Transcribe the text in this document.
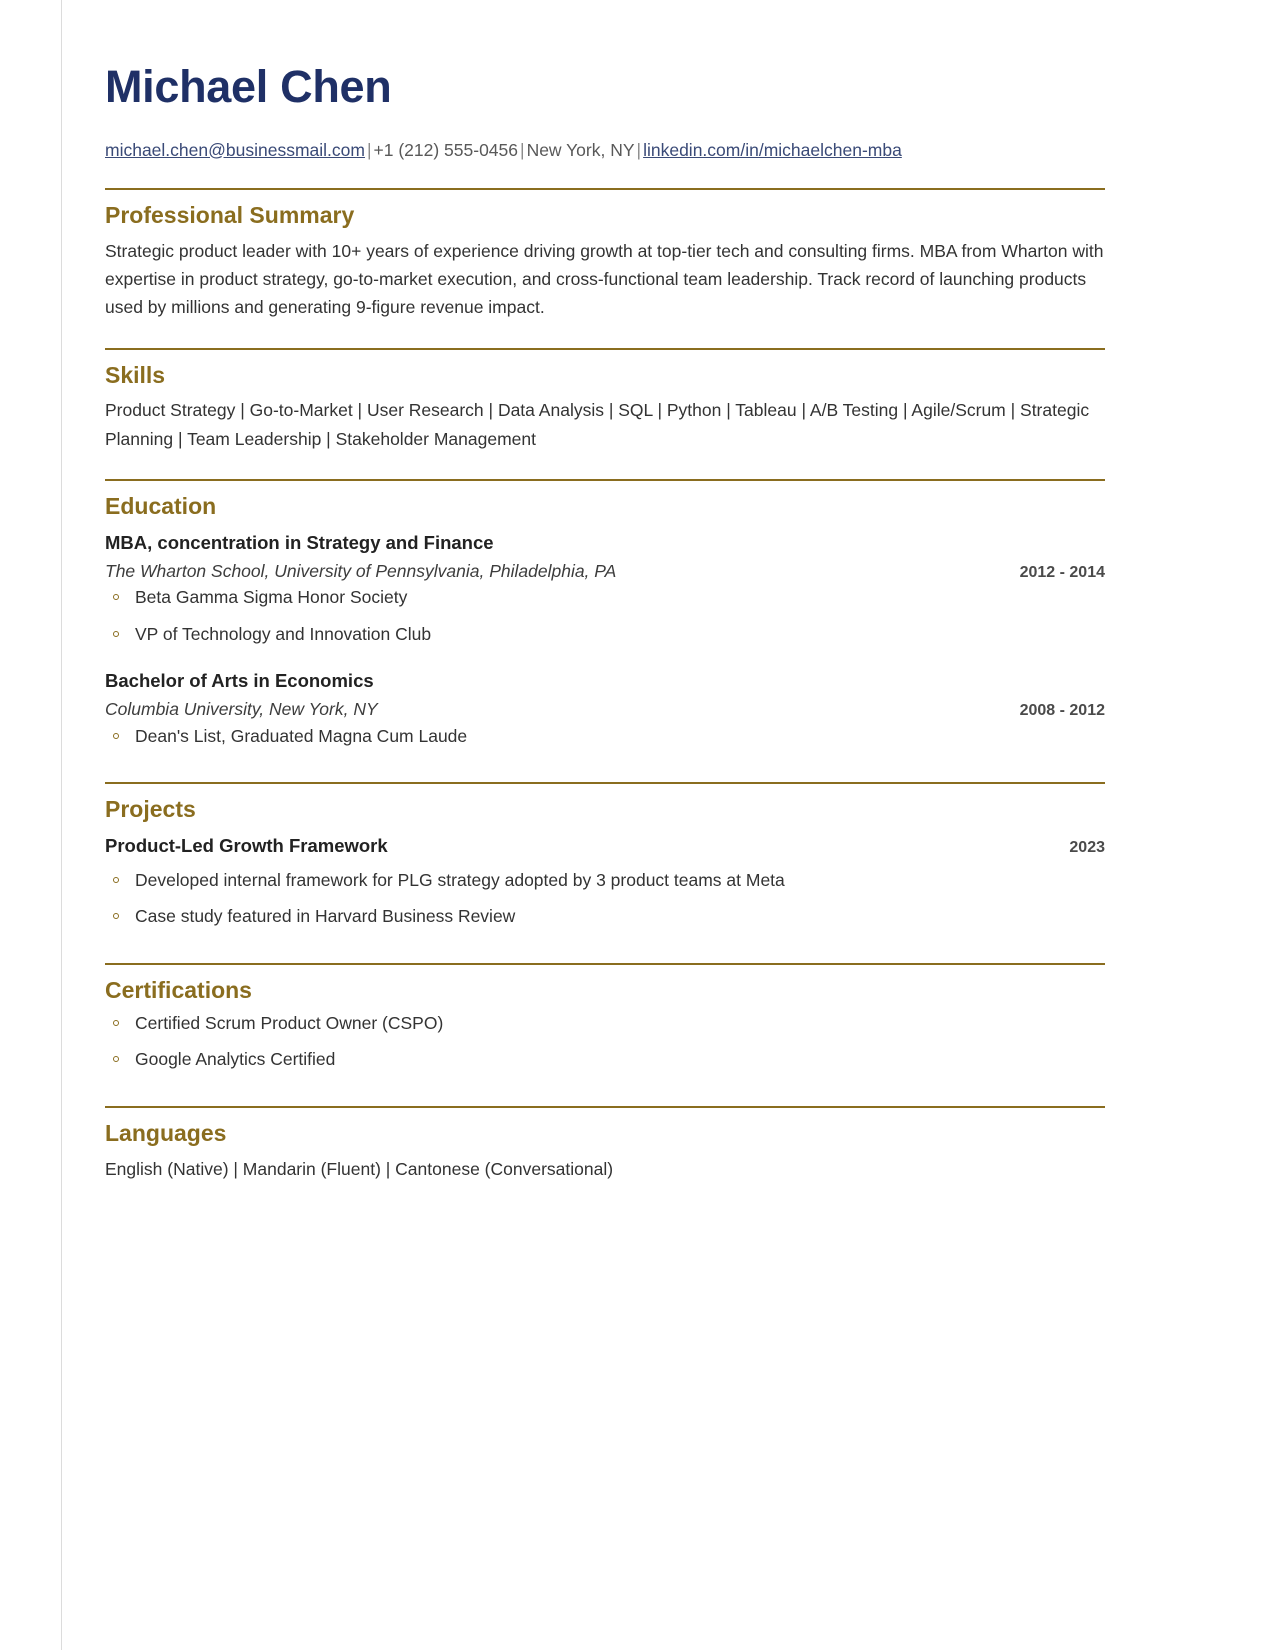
Michael Chen
michael.chen@businessmail.com | +1 (212) 555-0456 | New York, NY | linkedin.com/in/michaelchen-mba
Professional Summary

Strategic product leader with 10+ years of experience driving growth at top-tier tech and consulting firms. MBA from Wharton with expertise in product strategy, go-to-market execution, and cross-functional team leadership. Track record of launching products used by millions and generating 9-figure revenue impact.

Skills

Product Strategy | Go-to-Market | User Research | Data Analysis | SQL | Python | Tableau | A/B Testing | Agile/Scrum | Strategic Planning | Team Leadership | Stakeholder Management

Education
MBA, concentration in Strategy and Finance
The Wharton School, University of Pennsylvania, Philadelphia, PA	2012 - 2014
Beta Gamma Sigma Honor Society
VP of Technology and Innovation Club
Bachelor of Arts in Economics
Columbia University, New York, NY	2008 - 2012
Dean's List, Graduated Magna Cum Laude
Projects
Product-Led Growth Framework	2023
Developed internal framework for PLG strategy adopted by 3 product teams at Meta
Case study featured in Harvard Business Review
Certifications
Certified Scrum Product Owner (CSPO)
Google Analytics Certified
Languages

English (Native) | Mandarin (Fluent) | Cantonese (Conversational)
